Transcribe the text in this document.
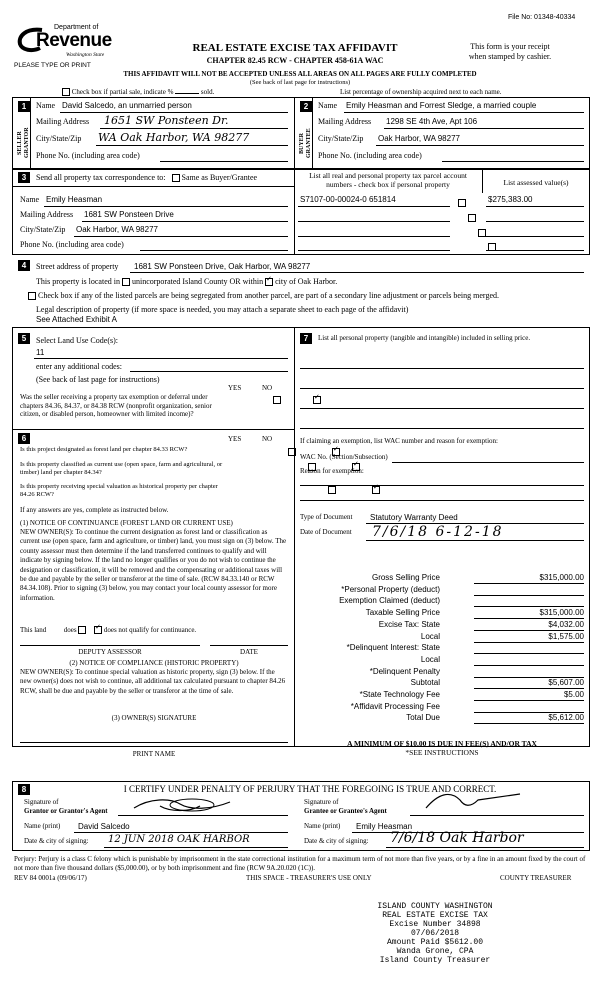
File No: 01348-40334
Department of
Revenue
Washington State
PLEASE TYPE OR PRINT
REAL ESTATE EXCISE TAX AFFIDAVIT
CHAPTER 82.45 RCW - CHAPTER 458-61A WAC
This form is your receipt
when stamped by cashier.
THIS AFFIDAVIT WILL NOT BE ACCEPTED UNLESS ALL AREAS ON ALL PAGES ARE FULLY COMPLETED
(See back of last page for instructions)
Check box if partial sale, indicate %	sold.	List percentage of ownership acquired next to each name.
1
SELLER GRANTOR
Name David Salcedo, an unmarried person
Mailing Address 1651 SW Ponsteen Dr.
City/State/Zip WA Oak Harbor, WA 98277
Phone No. (including area code)
2
BUYER GRANTEE
Name Emily Heasman and Forrest Sledge, a married couple
Mailing Address 1298 SE 4th Ave, Apt 106
City/State/Zip Oak Harbor, WA 98277
Phone No. (including area code)
3	Send all property tax correspondence to: Same as Buyer/Grantee
Name Emily Heasman
Mailing Address 1681 SW Ponsteen Drive
City/State/Zip Oak Harbor, WA 98277
Phone No. (including area code)
List all real and personal property tax parcel account numbers - check box if personal property	List assessed value(s)
S7107-00-00024-0 651814	$275,383.00

4	Street address of property 1681 SW Ponsteen Drive, Oak Harbor, WA 98277
This property is located in unincorporated Island County OR within ✓ city of Oak Harbor.
Check box if any of the listed parcels are being segregated from another parcel, are part of a secondary line adjustment or parcels being merged.
Legal description of property (if more space is needed, you may attach a separate sheet to each page of the affidavit)
See Attached Exhibit A
5	Select Land Use Code(s):
11
enter any additional codes:
(See back of last page for instructions)
YES	NO
Was the seller receiving a property tax exemption or deferral under chapters 84.36, 84.37, or 84.38 RCW (nonprofit organization, senior citizen, or disabled person, homeowner with limited income)?
✓
6	YES	NO
Is this project designated as forest land per chapter 84.33 RCW?
✓
Is this property classified as current use (open space, farm and agricultural, or timber) land per chapter 84.34?
✓
Is this property receiving special valuation as historical property per chapter 84.26 RCW?
✓
If any answers are yes, complete as instructed below.
(1) NOTICE OF CONTINUANCE (FOREST LAND OR CURRENT USE)
NEW OWNER(S): To continue the current designation as forest land or classification as current use (open space, farm and agriculture, or timber) land, you must sign on (3) below. The county assessor must then determine if the land transferred continues to qualify and will indicate by signing below. If the land no longer qualifies or you do not wish to continue the designation or classification, it will be removed and the compensating or additional taxes will be due and payable by the seller or transferor at the time of sale. (RCW 84.33.140 or RCW 84.34.108). Prior to signing (3) below, you may contact your local county assessor for more information.
This land	does ✓	does not qualify for continuance.
DEPUTY ASSESSOR	DATE
(2) NOTICE OF COMPLIANCE (HISTORIC PROPERTY)
NEW OWNER(S): To continue special valuation as historic property, sign (3) below. If the new owner(s) does not wish to continue, all additional tax calculated pursuant to chapter 84.26 RCW, shall be due and payable by the seller or transferor at the time of sale.
(3) OWNER(S) SIGNATURE
PRINT NAME
7	List all personal property (tangible and intangible) included in selling price.
If claiming an exemption, list WAC number and reason for exemption:
WAC No. (Section/Subsection)
Reason for exemption:
Type of Document Statutory Warranty Deed
Date of Document 7/6/18 6-12-18
Gross Selling Price	$315,000.00
*Personal Property (deduct)
Exemption Claimed (deduct)
Taxable Selling Price	$315,000.00
Excise Tax: State	$4,032.00
Local	$1,575.00
*Delinquent Interest: State
Local
*Delinquent Penalty
Subtotal	$5,607.00
*State Technology Fee	$5.00
*Affidavit Processing Fee
Total Due	$5,612.00
A MINIMUM OF $10.00 IS DUE IN FEE(S) AND/OR TAX
*SEE INSTRUCTIONS
8	I CERTIFY UNDER PENALTY OF PERJURY THAT THE FOREGOING IS TRUE AND CORRECT.
Signature of
Grantor or Grantor's Agent
Name (print) David Salcedo
Date & city of signing: 12 JUN 2018 OAK HARBOR
Signature of
Grantee or Grantee's Agent
Name (print) Emily Heasman
Date & city of signing: 7/6/18 Oak Harbor
Perjury: Perjury is a class C felony which is punishable by imprisonment in the state correctional institution for a maximum term of not more than five years, or by a fine in an amount fixed by the court of not more than five thousand dollars ($5,000.00), or by both imprisonment and fine (RCW 9A.20.020 (1C)).
REV 84 0001a (09/06/17)	THIS SPACE - TREASURER'S USE ONLY	COUNTY TREASURER
ISLAND COUNTY WASHINGTON
REAL ESTATE EXCISE TAX
Excise Number 34898
07/06/2018
Amount Paid $5612.00
Wanda Grone, CPA
Island County Treasurer
